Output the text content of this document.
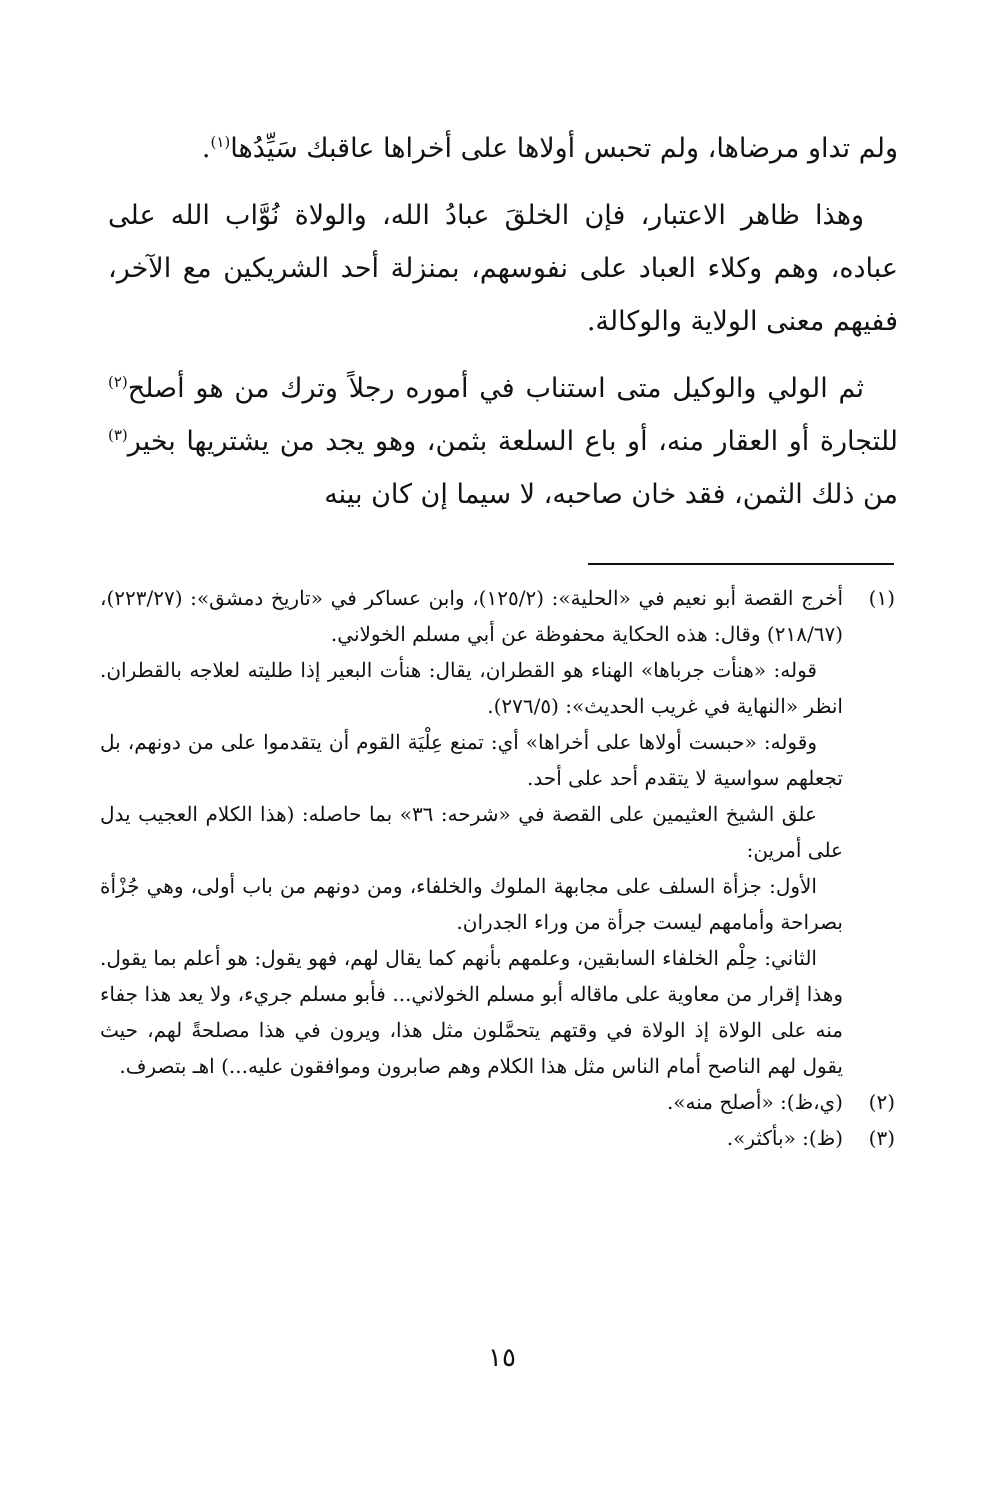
ولم تداو مرضاها، ولم تحبس أولاها على أخراها عاقبك سَيِّدُها$^{(١)}$.

وهذا ظاهر الاعتبار، فإن الخلقَ عبادُ الله، والولاة نُوَّاب الله على عباده، وهم وكلاء العباد على نفوسهم، بمنزلة أحد الشريكين مع الآخر، ففيهم معنى الولاية والوكالة.

ثم الولي والوكيل متى استناب في أموره رجلاً وترك من هو أصلح$^{(٢)}$ للتجارة أو العقار منه، أو باع السلعة بثمن، وهو يجد من يشتريها بخير$^{(٣)}$ من ذلك الثمن، فقد خان صاحبه، لا سيما إن كان بينه

(١)

أخرج القصة أبو نعيم في «الحلية»: (١٢٥/٢)، وابن عساكر في «تاريخ دمشق»: (٢٢٣/٢٧)، (٢١٨/٦٧) وقال: هذه الحكاية محفوظة عن أبي مسلم الخولاني.

قوله: «هنأت جرباها» الهناء هو القطران، يقال: هنأت البعير إذا طليته لعلاجه بالقطران. انظر «النهاية في غريب الحديث»: (٢٧٦/٥).

وقوله: «حبست أولاها على أخراها» أي: تمنع عِلْيَة القوم أن يتقدموا على من دونهم، بل تجعلهم سواسية لا يتقدم أحد على أحد.

علق الشيخ العثيمين على القصة في «شرحه: ٣٦» بما حاصله: (هذا الكلام العجيب يدل على أمرين:

الأول: جزأة السلف على مجابهة الملوك والخلفاء، ومن دونهم من باب أولى، وهي جُزْأة بصراحة وأمامهم ليست جرأة من وراء الجدران.

الثاني: حِلْم الخلفاء السابقين، وعلمهم بأنهم كما يقال لهم، فهو يقول: هو أعلم بما يقول. وهذا إقرار من معاوية على ماقاله أبو مسلم الخولاني... فأبو مسلم جريء، ولا يعد هذا جفاء منه على الولاة إذ الولاة في وقتهم يتحمَّلون مثل هذا، ويرون في هذا مصلحةً لهم، حيث يقول لهم الناصح أمام الناس مثل هذا الكلام وهم صابرون وموافقون عليه...) اهـ بتصرف.

(٢)

(ي،ظ): «أصلح منه».

(٣)

(ظ): «بأكثر».

١٥
